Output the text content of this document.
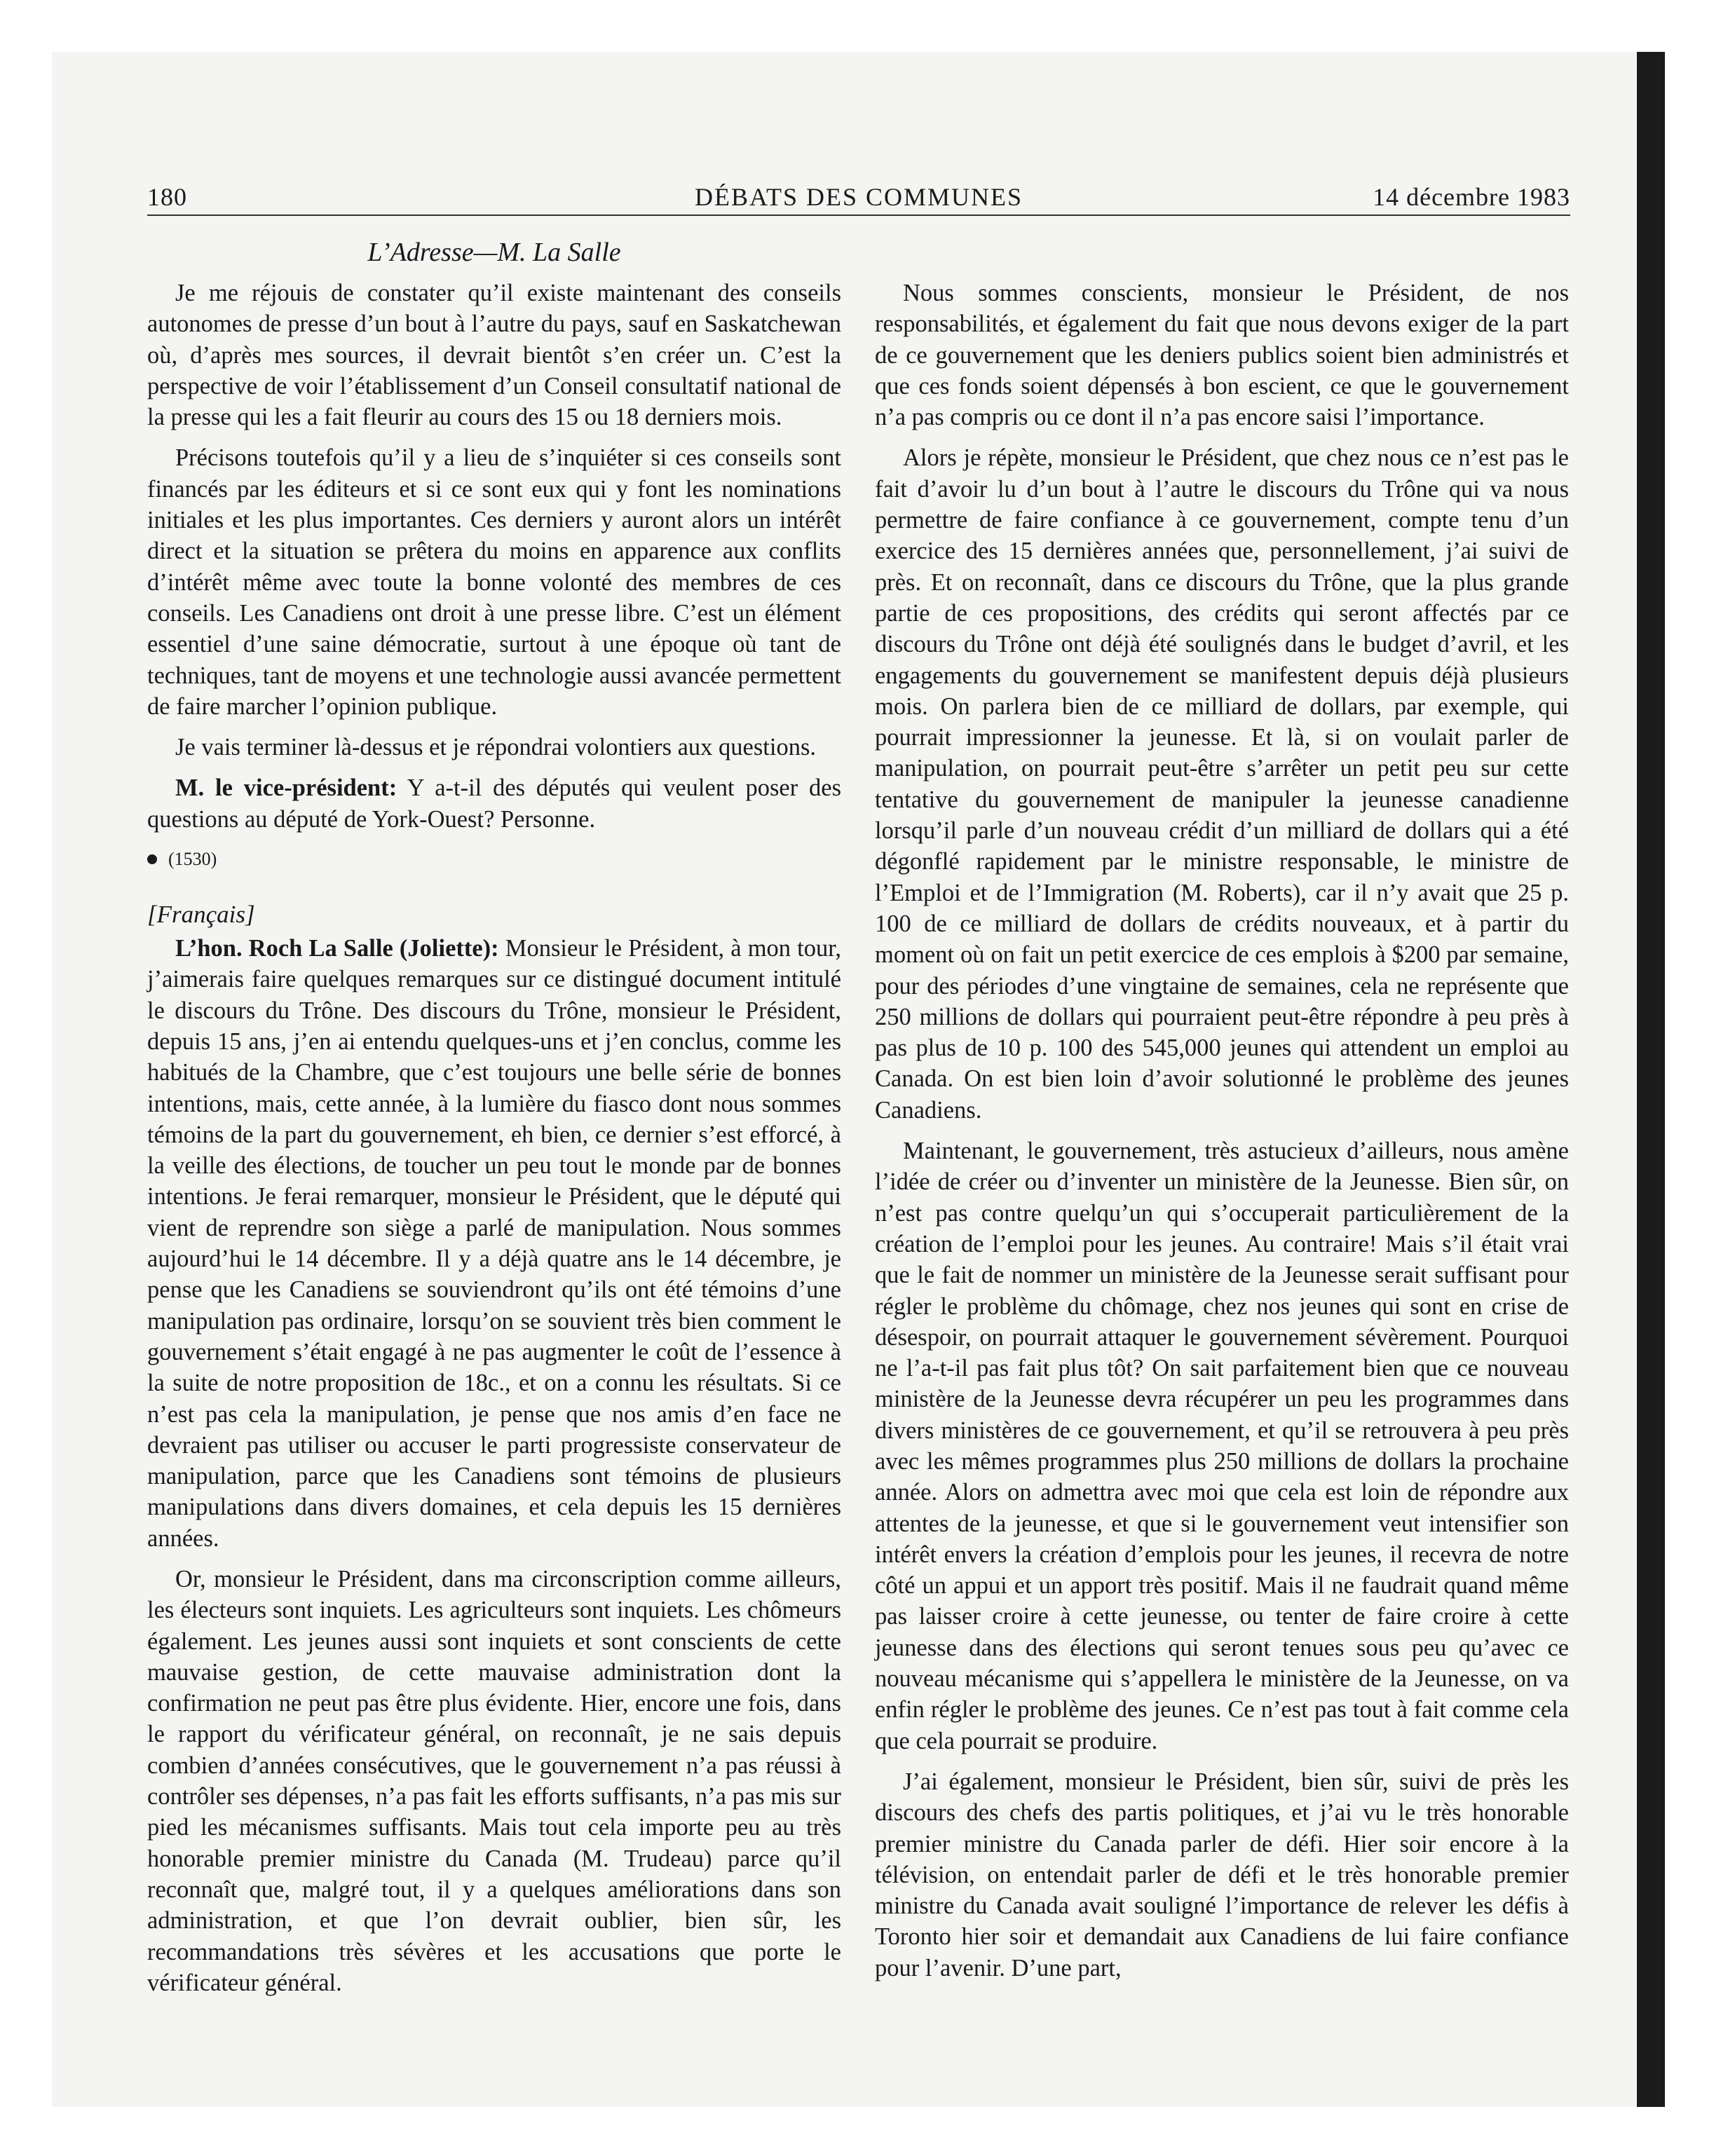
180	DÉBATS DES COMMUNES	14 décembre 1983
L’Adresse—M. La Salle

Je me réjouis de constater qu’il existe maintenant des conseils autonomes de presse d’un bout à l’autre du pays, sauf en Saskatchewan où, d’après mes sources, il devrait bientôt s’en créer un. C’est la perspective de voir l’établissement d’un Conseil consultatif national de la presse qui les a fait fleurir au cours des 15 ou 18 derniers mois.

Précisons toutefois qu’il y a lieu de s’inquiéter si ces conseils sont financés par les éditeurs et si ce sont eux qui y font les nominations initiales et les plus importantes. Ces derniers y auront alors un intérêt direct et la situation se prêtera du moins en apparence aux conflits d’intérêt même avec toute la bonne volonté des membres de ces conseils. Les Canadiens ont droit à une presse libre. C’est un élément essentiel d’une saine démocratie, surtout à une époque où tant de techniques, tant de moyens et une technologie aussi avancée permettent de faire marcher l’opinion publique.

Je vais terminer là-dessus et je répondrai volontiers aux questions.

M. le vice-président: Y a-t-il des députés qui veulent poser des questions au député de York-Ouest? Personne.

(1530)
[Français]

L’hon. Roch La Salle (Joliette): Monsieur le Président, à mon tour, j’aimerais faire quelques remarques sur ce distingué document intitulé le discours du Trône. Des discours du Trône, monsieur le Président, depuis 15 ans, j’en ai entendu quelques-uns et j’en conclus, comme les habitués de la Chambre, que c’est toujours une belle série de bonnes intentions, mais, cette année, à la lumière du fiasco dont nous sommes témoins de la part du gouvernement, eh bien, ce dernier s’est efforcé, à la veille des élections, de toucher un peu tout le monde par de bonnes intentions. Je ferai remarquer, monsieur le Président, que le député qui vient de reprendre son siège a parlé de manipulation. Nous sommes aujourd’hui le 14 décembre. Il y a déjà quatre ans le 14 décembre, je pense que les Canadiens se souviendront qu’ils ont été témoins d’une manipulation pas ordinaire, lorsqu’on se souvient très bien comment le gouvernement s’était engagé à ne pas augmenter le coût de l’essence à la suite de notre proposition de 18c., et on a connu les résultats. Si ce n’est pas cela la manipulation, je pense que nos amis d’en face ne devraient pas utiliser ou accuser le parti progressiste conservateur de manipulation, parce que les Canadiens sont témoins de plusieurs manipulations dans divers domaines, et cela depuis les 15 dernières années.

Or, monsieur le Président, dans ma circonscription comme ailleurs, les électeurs sont inquiets. Les agriculteurs sont inquiets. Les chômeurs également. Les jeunes aussi sont inquiets et sont conscients de cette mauvaise gestion, de cette mauvaise administration dont la confirmation ne peut pas être plus évidente. Hier, encore une fois, dans le rapport du vérificateur général, on reconnaît, je ne sais depuis combien d’années consécutives, que le gouvernement n’a pas réussi à contrôler ses dépenses, n’a pas fait les efforts suffisants, n’a pas mis sur pied les mécanismes suffisants. Mais tout cela importe peu au très honorable premier ministre du Canada (M. Trudeau) parce qu’il reconnaît que, malgré tout, il y a quelques améliorations dans son administration, et que l’on devrait oublier, bien sûr, les recommandations très sévères et les accusations que porte le vérificateur général.

Nous sommes conscients, monsieur le Président, de nos responsabilités, et également du fait que nous devons exiger de la part de ce gouvernement que les deniers publics soient bien administrés et que ces fonds soient dépensés à bon escient, ce que le gouvernement n’a pas compris ou ce dont il n’a pas encore saisi l’importance.

Alors je répète, monsieur le Président, que chez nous ce n’est pas le fait d’avoir lu d’un bout à l’autre le discours du Trône qui va nous permettre de faire confiance à ce gouvernement, compte tenu d’un exercice des 15 dernières années que, personnellement, j’ai suivi de près. Et on reconnaît, dans ce discours du Trône, que la plus grande partie de ces propositions, des crédits qui seront affectés par ce discours du Trône ont déjà été soulignés dans le budget d’avril, et les engagements du gouvernement se manifestent depuis déjà plusieurs mois. On parlera bien de ce milliard de dollars, par exemple, qui pourrait impressionner la jeunesse. Et là, si on voulait parler de manipulation, on pourrait peut-être s’arrêter un petit peu sur cette tentative du gouvernement de manipuler la jeunesse canadienne lorsqu’il parle d’un nouveau crédit d’un milliard de dollars qui a été dégonflé rapidement par le ministre responsable, le ministre de l’Emploi et de l’Immigration (M. Roberts), car il n’y avait que 25 p. 100 de ce milliard de dollars de crédits nouveaux, et à partir du moment où on fait un petit exercice de ces emplois à $200 par semaine, pour des périodes d’une vingtaine de semaines, cela ne représente que 250 millions de dollars qui pourraient peut-être répondre à peu près à pas plus de 10 p. 100 des 545,000 jeunes qui attendent un emploi au Canada. On est bien loin d’avoir solutionné le problème des jeunes Canadiens.

Maintenant, le gouvernement, très astucieux d’ailleurs, nous amène l’idée de créer ou d’inventer un ministère de la Jeunesse. Bien sûr, on n’est pas contre quelqu’un qui s’occuperait particulièrement de la création de l’emploi pour les jeunes. Au contraire! Mais s’il était vrai que le fait de nommer un ministère de la Jeunesse serait suffisant pour régler le problème du chômage, chez nos jeunes qui sont en crise de désespoir, on pourrait attaquer le gouvernement sévèrement. Pourquoi ne l’a-t-il pas fait plus tôt? On sait parfaitement bien que ce nouveau ministère de la Jeunesse devra récupérer un peu les programmes dans divers ministères de ce gouvernement, et qu’il se retrouvera à peu près avec les mêmes programmes plus 250 millions de dollars la prochaine année. Alors on admettra avec moi que cela est loin de répondre aux attentes de la jeunesse, et que si le gouvernement veut intensifier son intérêt envers la création d’emplois pour les jeunes, il recevra de notre côté un appui et un apport très positif. Mais il ne faudrait quand même pas laisser croire à cette jeunesse, ou tenter de faire croire à cette jeunesse dans des élections qui seront tenues sous peu qu’avec ce nouveau mécanisme qui s’appellera le ministère de la Jeunesse, on va enfin régler le problème des jeunes. Ce n’est pas tout à fait comme cela que cela pourrait se produire.

J’ai également, monsieur le Président, bien sûr, suivi de près les discours des chefs des partis politiques, et j’ai vu le très honorable premier ministre du Canada parler de défi. Hier soir encore à la télévision, on entendait parler de défi et le très honorable premier ministre du Canada avait souligné l’importance de relever les défis à Toronto hier soir et demandait aux Canadiens de lui faire confiance pour l’avenir. D’une part,
